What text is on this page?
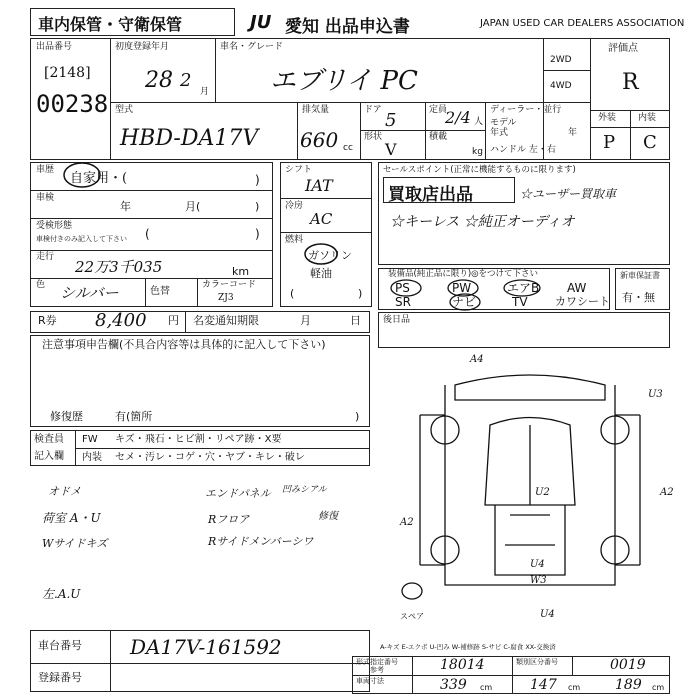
車内保管・守衛保管	JU 愛知 出品申込書	JAPAN USED CAR DEALERS ASSOCIATION
出品番号
[2148]
00238
初度登録年月
28 2
月
車名・グレード
エブリイ PC
2WD
4WD
評価点
R
外装 内装
P C
型式
HBD-DA17V
排気量
660 cc
ドア 5
形状
V
定員
2/4 人
積載
kg
ディーラー・並行
モデル
年式	年
ハンドル 左・右
車歴
自家用・(	)
車検
年	月(	)
受検形態
車検付きのみ記入して下さい (	)
走行
22万3千035	km
色 シルバー	色替
カラーコード
ZJ3
シフト
IAT
冷房
AC
燃料
ガソリン
軽油
(	)
セールスポイント(正常に機能するものに限ります)
買取店出品	☆ユーザー買取車
☆キーレス ☆純正オーディオ
装備品(純正品に限り)◎をつけて下さい
PS	PW	エアB AW
SR	ナビ	TV カワシート
新車保証書
有・無
R券 8,400 円 名変通知期限	月	日
注意事項申告欄(不具合内容等は具体的に記入して下さい)
修復歴	有(箇所	)
後日品
検査員
記入欄
FW キズ・飛石・ヒビ割・リペア跡・X要
内装 セメ・汚レ・コゲ・穴・ヤブ・キレ・破レ
オドメ
荷室 A・U
Wサイドキズ
左.A.U
エンドパネル 凹みシアル
Rフロア	修復
Rサイドメンバーシワ
A4
U3
A2
A2
U2
U4
W3
U4
スペア
A-キズ E-エクボ U-凹み W-補修跡 S-サビ C-腐食 XX-交換済
車台番号 DA17V-161592
登録番号
形式指定番号
参考	18014	類別区分番号	0019
車両寸法	339 cm	147 cm 189 cm
